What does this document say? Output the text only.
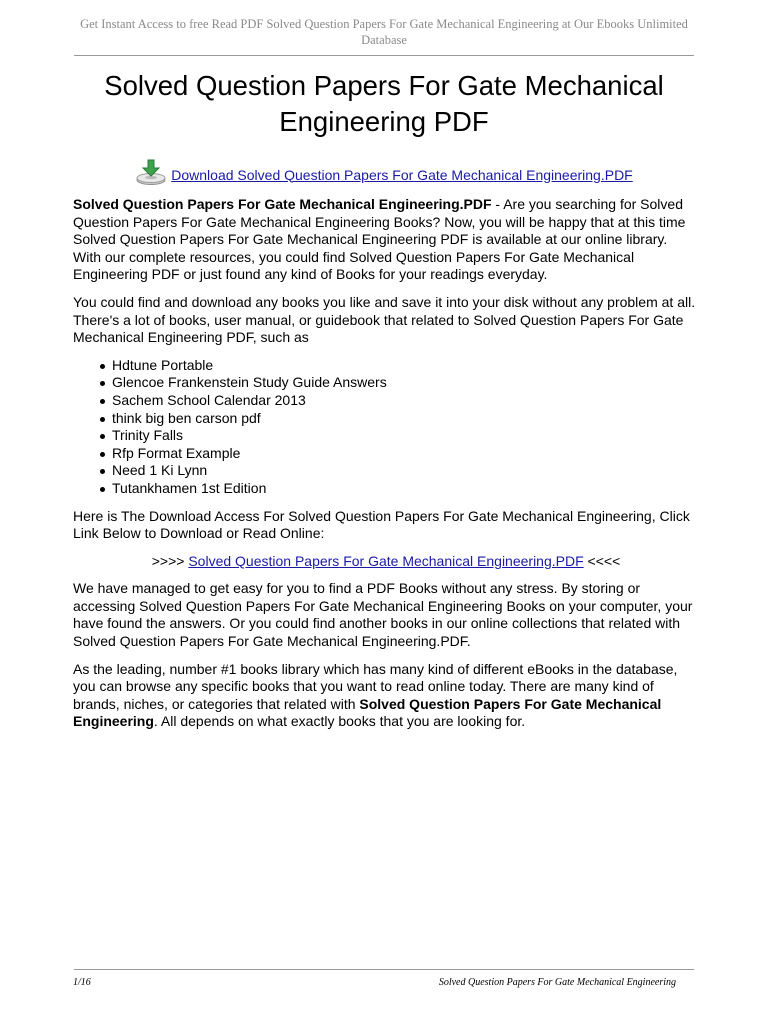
Get Instant Access to free Read PDF Solved Question Papers For Gate Mechanical Engineering at Our Ebooks Unlimited Database
Solved Question Papers For Gate Mechanical Engineering PDF
Download Solved Question Papers For Gate Mechanical Engineering.PDF

Solved Question Papers For Gate Mechanical Engineering.PDF - Are you searching for Solved Question Papers For Gate Mechanical Engineering Books? Now, you will be happy that at this time Solved Question Papers For Gate Mechanical Engineering PDF is available at our online library. With our complete resources, you could find Solved Question Papers For Gate Mechanical Engineering PDF or just found any kind of Books for your readings everyday.

You could find and download any books you like and save it into your disk without any problem at all. There's a lot of books, user manual, or guidebook that related to Solved Question Papers For Gate Mechanical Engineering PDF, such as

Hdtune Portable
Glencoe Frankenstein Study Guide Answers
Sachem School Calendar 2013
think big ben carson pdf
Trinity Falls
Rfp Format Example
Need 1 Ki Lynn
Tutankhamen 1st Edition

Here is The Download Access For Solved Question Papers For Gate Mechanical Engineering, Click Link Below to Download or Read Online:

>>>> Solved Question Papers For Gate Mechanical Engineering.PDF <<<<

We have managed to get easy for you to find a PDF Books without any stress. By storing or accessing Solved Question Papers For Gate Mechanical Engineering Books on your computer, your have found the answers. Or you could find another books in our online collections that related with Solved Question Papers For Gate Mechanical Engineering.PDF.

As the leading, number #1 books library which has many kind of different eBooks in the database, you can browse any specific books that you want to read online today. There are many kind of brands, niches, or categories that related with Solved Question Papers For Gate Mechanical Engineering. All depends on what exactly books that you are looking for.

1/16	Solved Question Papers For Gate Mechanical Engineering
